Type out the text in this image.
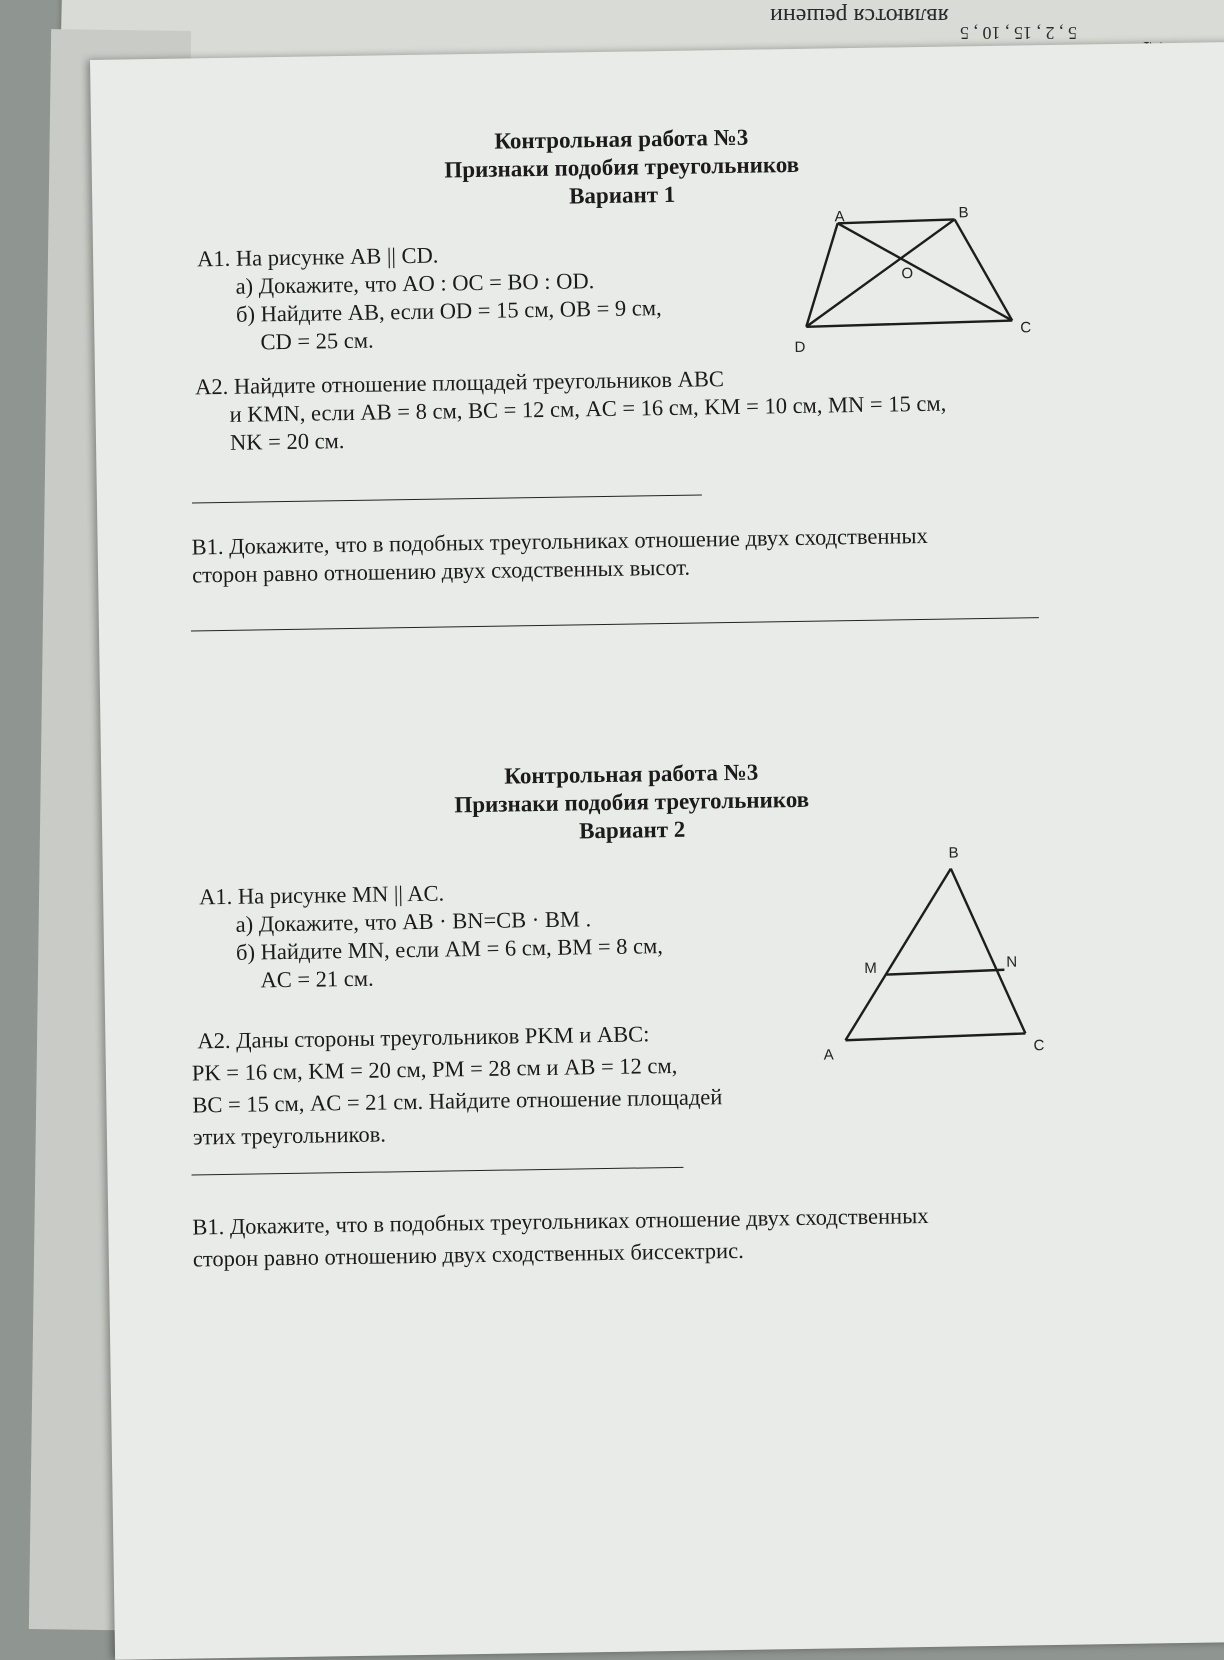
являются решени
5 , 2 , 15 , 10 , 5
Контрольная работа №3
Признаки подобия треугольников
Вариант 1
А1. На рисунке AB || CD.
а) Докажите, что AO : OC = BO : OD.
б) Найдите AB, если OD = 15 см, OB = 9 см,
CD = 25 см.
A	B
C
D
O
А2. Найдите отношение площадей треугольников ABC
и KMN, если AB = 8 см, BC = 12 см, AC = 16 см, KM = 10 см, MN = 15 см,
NK = 20 см.
В1. Докажите, что в подобных треугольниках отношение двух сходственных
сторон равно отношению двух сходственных высот.
Контрольная работа №3
Признаки подобия треугольников
Вариант 2
А1. На рисунке MN || AC.
а) Докажите, что AB · BN=CB · BM .
б) Найдите MN, если AM = 6 см, BM = 8 см,
AC = 21 см.
B
M	N
A
C
А2. Даны стороны треугольников PKM и ABC:
PK = 16 см, KM = 20 см, PM = 28 см и AB = 12 см,
BC = 15 см, AC = 21 см. Найдите отношение площадей
этих треугольников.
В1. Докажите, что в подобных треугольниках отношение двух сходственных
сторон равно отношению двух сходственных биссектрис.
